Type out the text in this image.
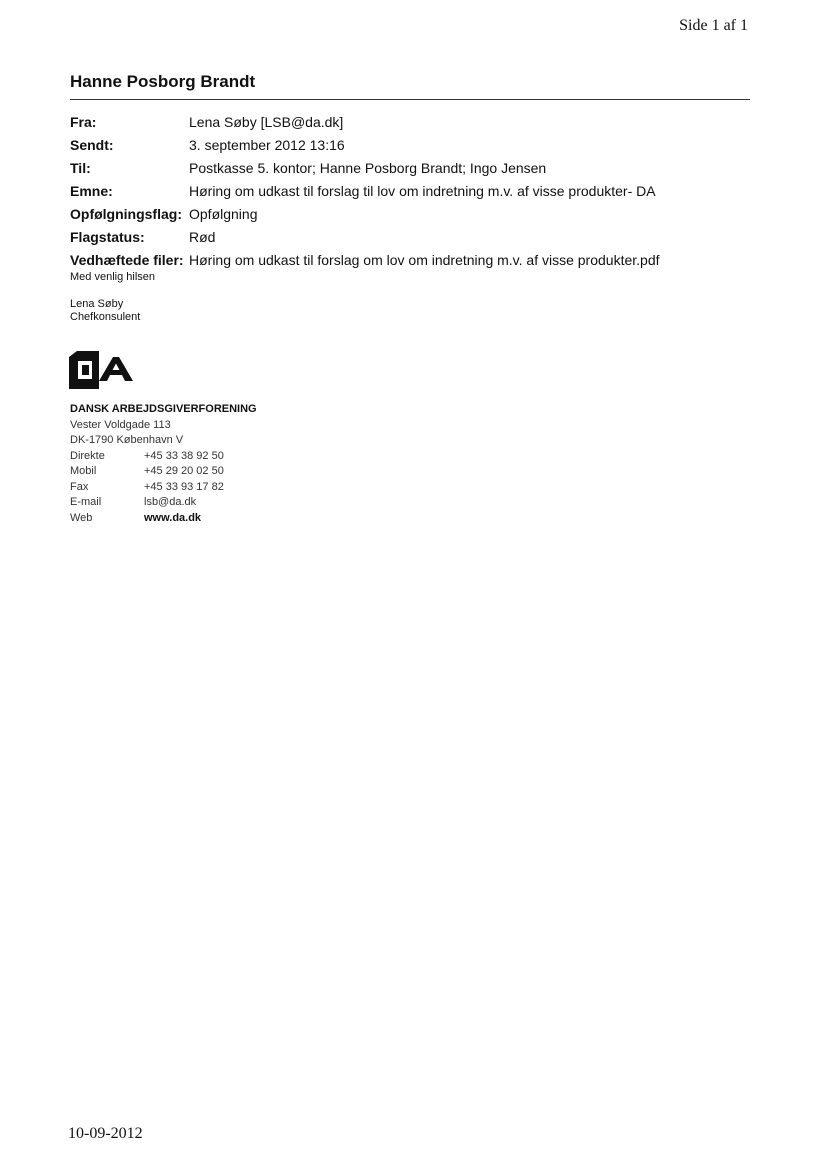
Side 1 af 1
Hanne Posborg Brandt
Fra:	Lena Søby [LSB@da.dk]
Sendt:	3. september 2012 13:16
Til:	Postkasse 5. kontor; Hanne Posborg Brandt; Ingo Jensen
Emne:	Høring om udkast til forslag til lov om indretning m.v. af visse produkter- DA
Opfølgningsflag:	Opfølgning
Flagstatus:	Rød
Vedhæftede filer:	Høring om udkast til forslag om lov om indretning m.v. af visse produkter.pdf
Med venlig hilsen
Lena Søby
Chefkonsulent
DANSK ARBEJDSGIVERFORENING
Vester Voldgade 113
DK-1790 København V
Direkte	+45 33 38 92 50
Mobil	+45 29 20 02 50
Fax	+45 33 93 17 82
E-mail	lsb@da.dk
Web	www.da.dk
10-09-2012
